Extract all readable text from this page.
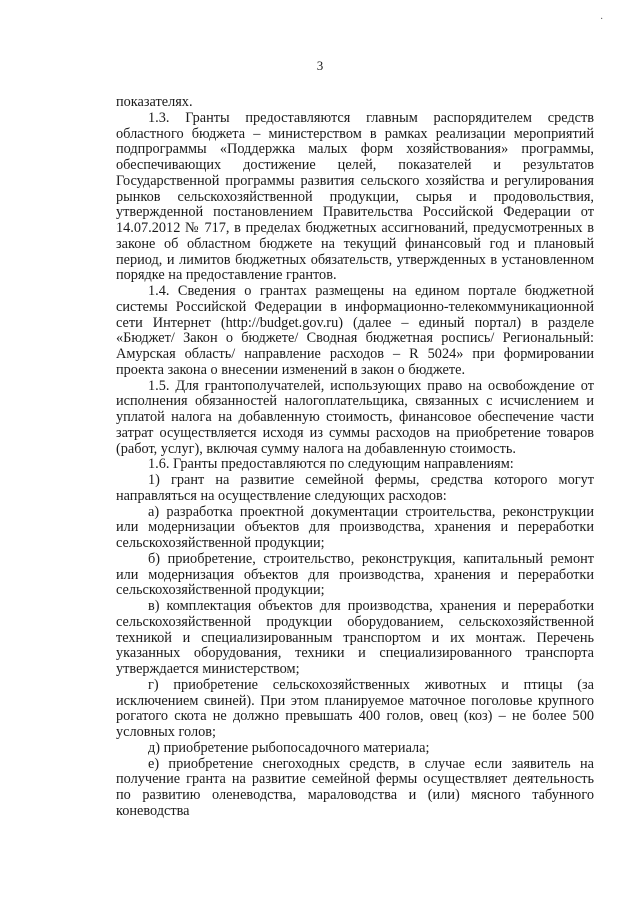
·
3

показателях.

1.3. Гранты предоставляются главным распорядителем средств областного бюджета – министерством в рамках реализации мероприятий подпрограммы «Поддержка малых форм хозяйствования» программы, обеспечивающих достижение целей, показателей и результатов Государственной программы развития сельского хозяйства и регулирования рынков сельскохозяйственной продукции, сырья и продовольствия, утвержденной постановлением Правительства Российской Федерации от 14.07.2012 № 717, в пределах бюджетных ассигнований, предусмотренных в законе об областном бюджете на текущий финансовый год и плановый период, и лимитов бюджетных обязательств, утвержденных в установленном порядке на предоставление грантов.

1.4. Сведения о грантах размещены на едином портале бюджетной системы Российской Федерации в информационно-телекоммуникационной сети Интернет (http://budget.gov.ru) (далее – единый портал) в разделе «Бюджет/ Закон о бюджете/ Сводная бюджетная роспись/ Региональный: Амурская область/ направление расходов – R 5024» при формировании проекта закона о внесении изменений в закон о бюджете.

1.5. Для грантополучателей, использующих право на освобождение от исполнения обязанностей налогоплательщика, связанных с исчислением и уплатой налога на добавленную стоимость, финансовое обеспечение части затрат осуществляется исходя из суммы расходов на приобретение товаров (работ, услуг), включая сумму налога на добавленную стоимость.

1.6. Гранты предоставляются по следующим направлениям:

1) грант на развитие семейной фермы, средства которого могут направляться на осуществление следующих расходов:

а) разработка проектной документации строительства, реконструкции или модернизации объектов для производства, хранения и переработки сельскохозяйственной продукции;

б) приобретение, строительство, реконструкция, капитальный ремонт или модернизация объектов для производства, хранения и переработки сельскохозяйственной продукции;

в) комплектация объектов для производства, хранения и переработки сельскохозяйственной продукции оборудованием, сельскохозяйственной техникой и специализированным транспортом и их монтаж. Перечень указанных оборудования, техники и специализированного транспорта утверждается министерством;

г) приобретение сельскохозяйственных животных и птицы (за исключением свиней). При этом планируемое маточное поголовье крупного рогатого скота не должно превышать 400 голов, овец (коз) – не более 500 условных голов;

д) приобретение рыбопосадочного материала;

е) приобретение снегоходных средств, в случае если заявитель на получение гранта на развитие семейной фермы осуществляет деятельность по развитию оленеводства, мараловодства и (или) мясного табунного коневодства
